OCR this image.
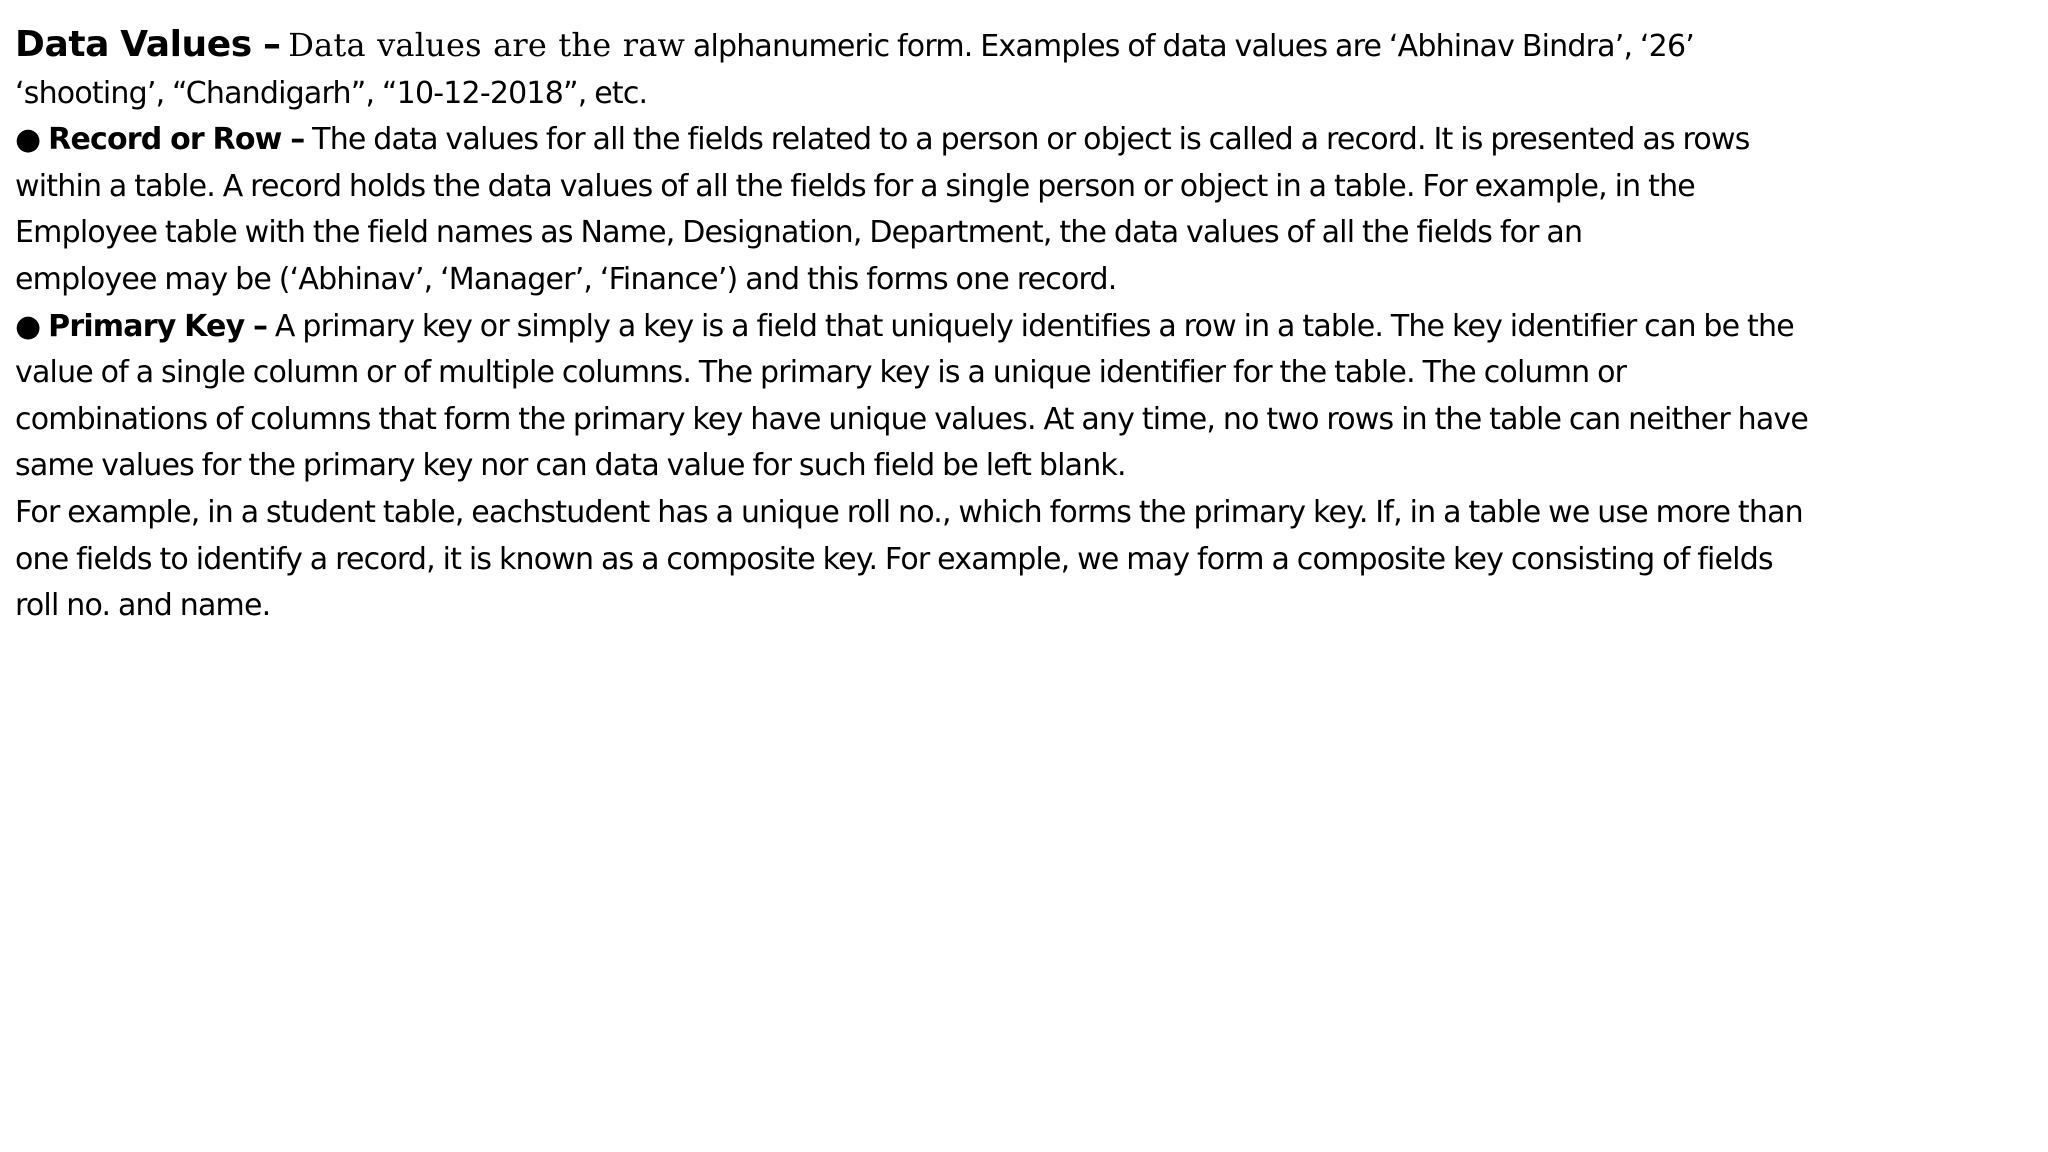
Data Values – Data values are the raw alphanumeric form. Examples of data values are ‘Abhinav Bindra’, ‘26’
‘shooting’, “Chandigarh”, “10-12-2018”, etc.
● Record or Row – The data values for all the fields related to a person or object is called a record. It is presented as rows
within a table. A record holds the data values of all the fields for a single person or object in a table. For example, in the
Employee table with the field names as Name, Designation, Department, the data values of all the fields for an
employee may be (‘Abhinav’, ‘Manager’, ‘Finance’) and this forms one record.
● Primary Key – A primary key or simply a key is a field that uniquely identifies a row in a table. The key identifier can be the
value of a single column or of multiple columns. The primary key is a unique identifier for the table. The column or
combinations of columns that form the primary key have unique values. At any time, no two rows in the table can neither have
same values for the primary key nor can data value for such field be left blank.
For example, in a student table, eachstudent has a unique roll no., which forms the primary key. If, in a table we use more than
one fields to identify a record, it is known as a composite key. For example, we may form a composite key consisting of fields
roll no. and name.
